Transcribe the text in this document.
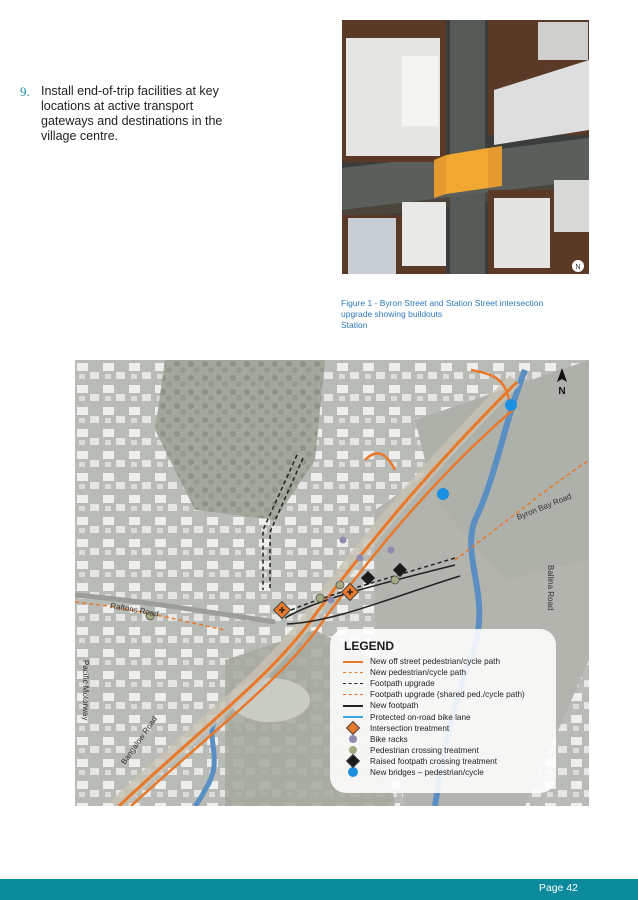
9. Install end-of-trip facilities at key locations at active transport gateways and destinations in the village centre.
N
Figure 1 - Byron Street and Station Street intersection
upgrade showing buildouts
Station
N
Bangalow Road
Byron Bay Road
Ballina Road
Raftons Road
Pacific Motorway
LEGEND
New off street pedestrian/cycle path
New pedestrian/cycle path
Footpath upgrade
Footpath upgrade (shared ped./cycle path)
New footpath
Protected on-road bike lane
Intersection treatment
Bike racks
Pedestrian crossing treatment
Raised footpath crossing treatment
New bridges – pedestrian/cycle
Page 42
